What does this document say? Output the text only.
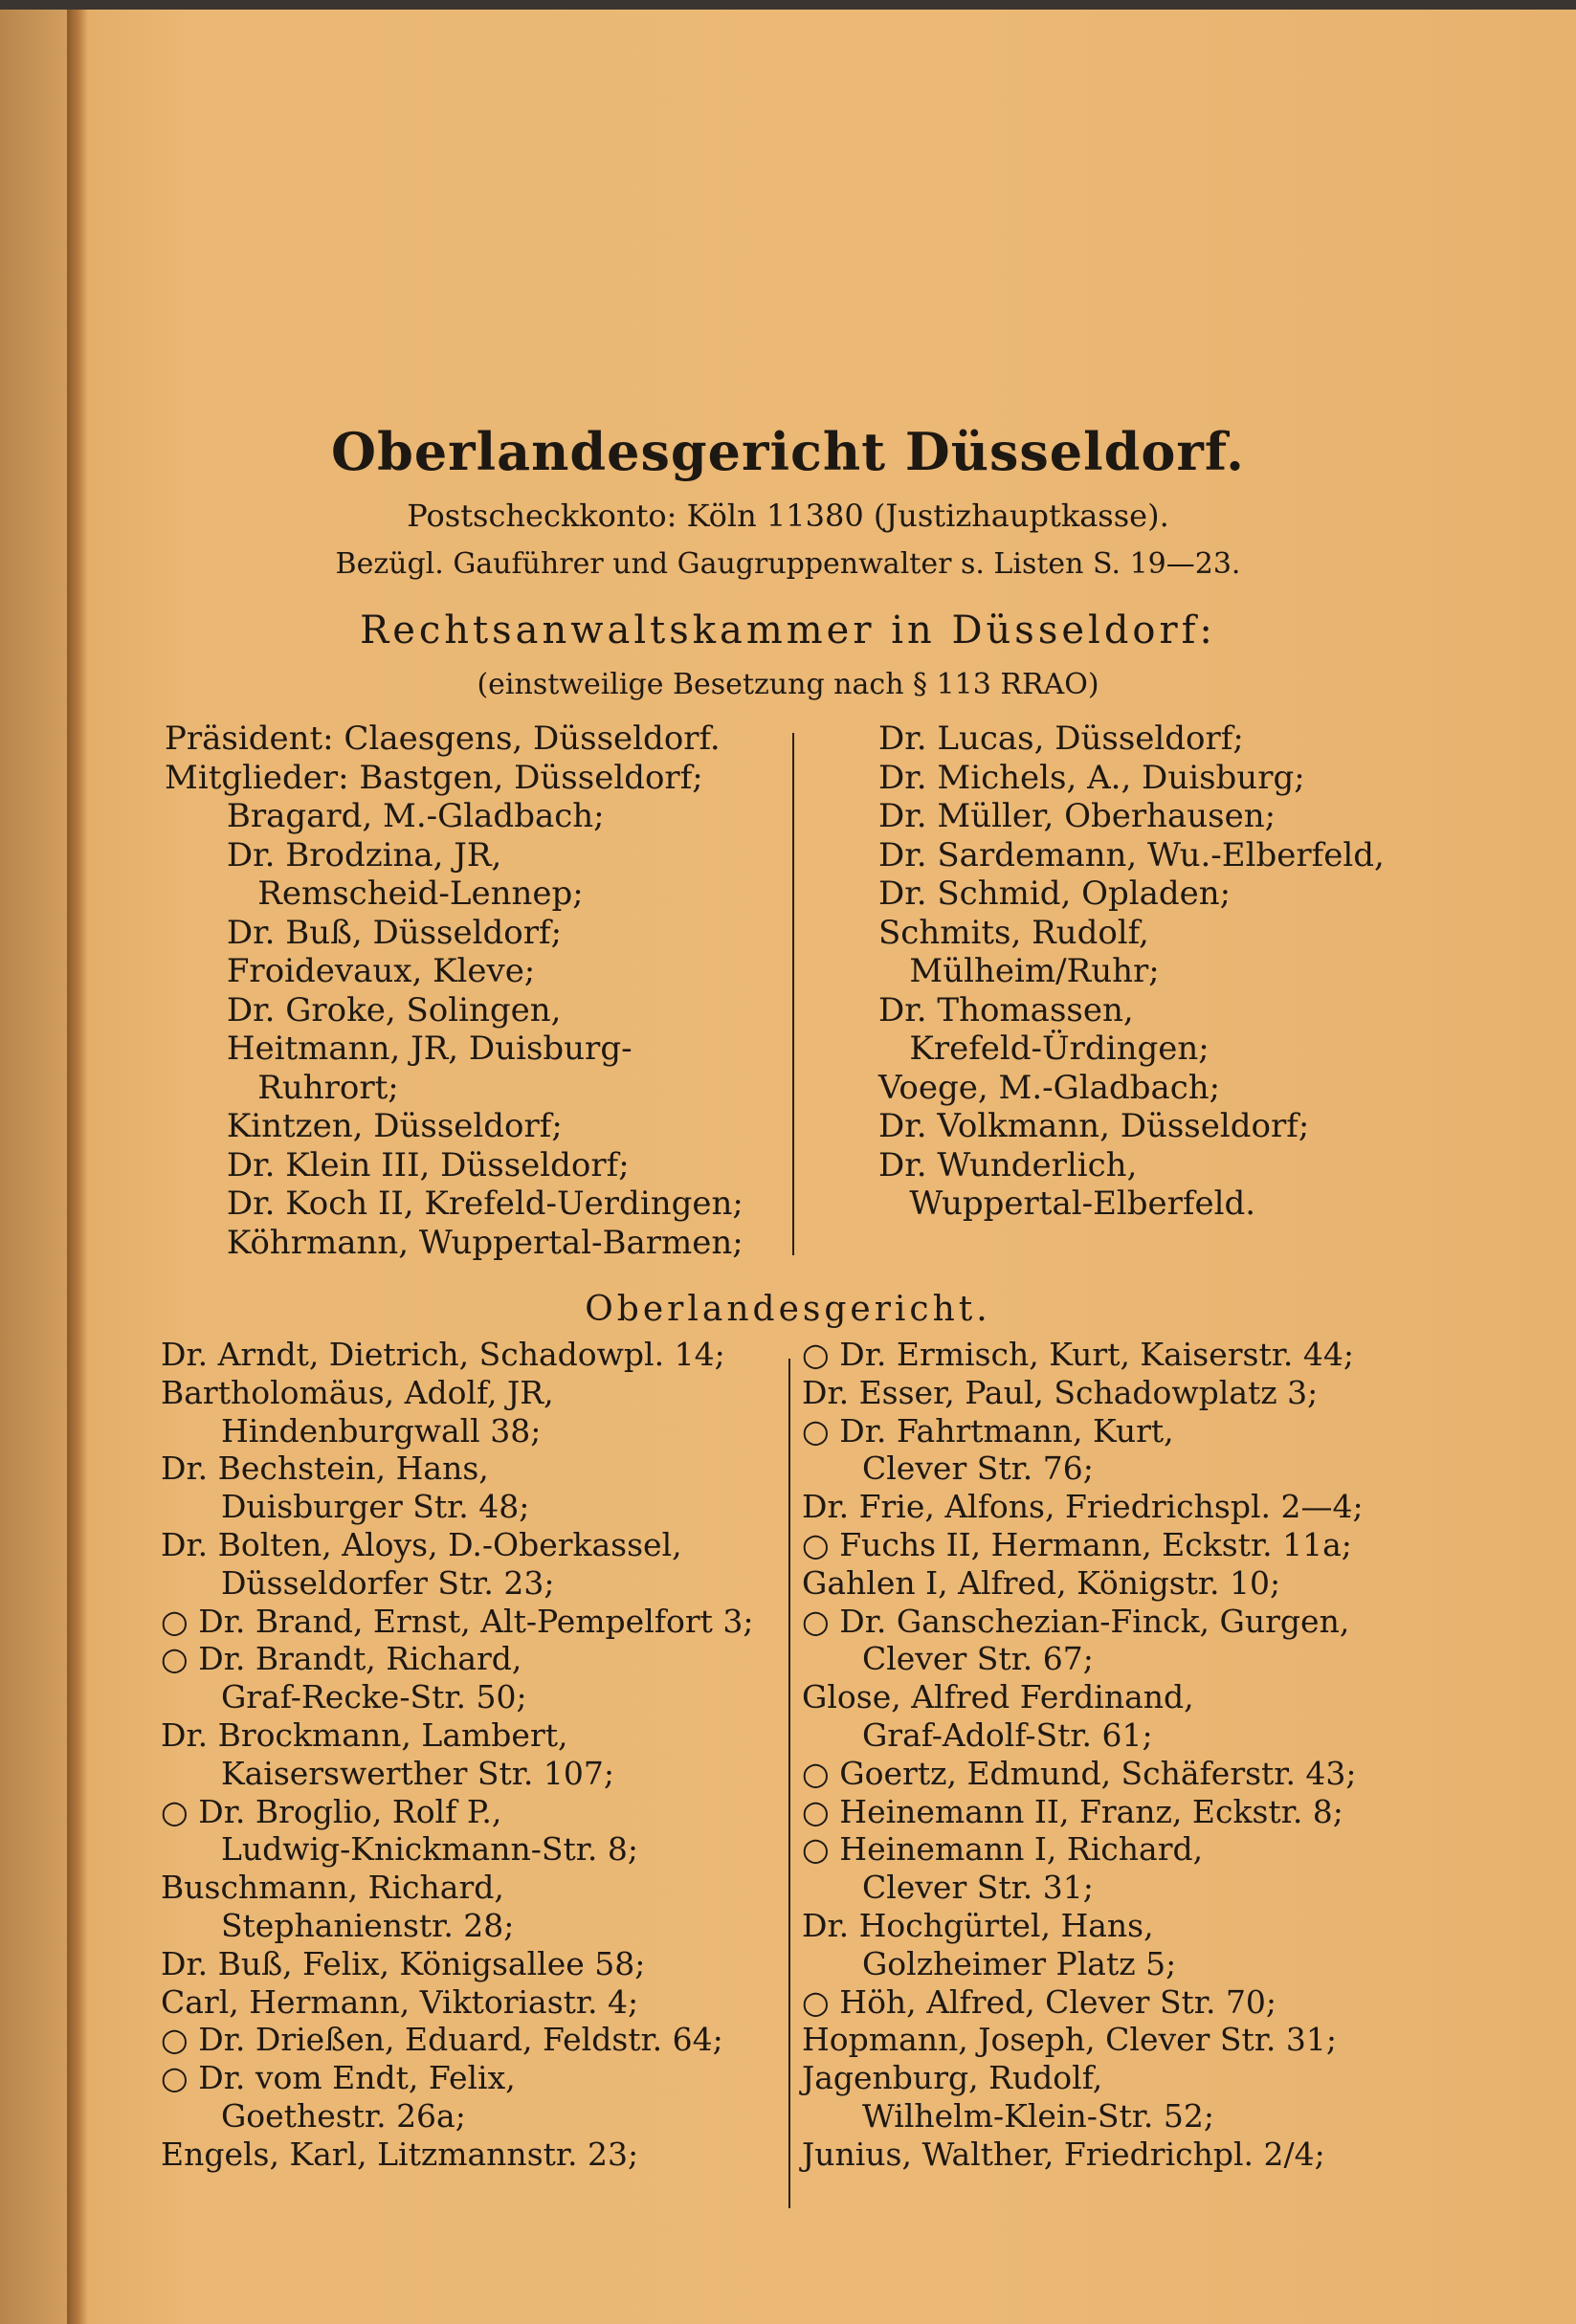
Oberlandesgericht Düsseldorf.
Postscheckkonto: Köln 11380 (Justizhauptkasse).
Bezügl. Gauführer und Gaugruppenwalter s. Listen S. 19—23.
Rechtsanwaltskammer in Düsseldorf:
(einstweilige Besetzung nach § 113 RRAO)
Präsident: Claesgens, Düsseldorf.
Mitglieder: Bastgen, Düsseldorf;
Bragard, M.-Gladbach;
Dr. Brodzina, JR,
Remscheid-Lennep;
Dr. Buß, Düsseldorf;
Froidevaux, Kleve;
Dr. Groke, Solingen,
Heitmann, JR, Duisburg-
Ruhrort;
Kintzen, Düsseldorf;
Dr. Klein III, Düsseldorf;
Dr. Koch II, Krefeld-Uerdingen;
Köhrmann, Wuppertal-Barmen;
Dr. Lucas, Düsseldorf;
Dr. Michels, A., Duisburg;
Dr. Müller, Oberhausen;
Dr. Sardemann, Wu.-Elberfeld,
Dr. Schmid, Opladen;
Schmits, Rudolf,
Mülheim/Ruhr;
Dr. Thomassen,
Krefeld-Ürdingen;
Voege, M.-Gladbach;
Dr. Volkmann, Düsseldorf;
Dr. Wunderlich,
Wuppertal-Elberfeld.
Oberlandesgericht.
Dr. Arndt, Dietrich, Schadowpl. 14;
Bartholomäus, Adolf, JR,
Hindenburgwall 38;
Dr. Bechstein, Hans,
Duisburger Str. 48;
Dr. Bolten, Aloys, D.-Oberkassel,
Düsseldorfer Str. 23;
○ Dr. Brand, Ernst, Alt-Pempelfort 3;
○ Dr. Brandt, Richard,
Graf-Recke-Str. 50;
Dr. Brockmann, Lambert,
Kaiserswerther Str. 107;
○ Dr. Broglio, Rolf P.,
Ludwig-Knickmann-Str. 8;
Buschmann, Richard,
Stephanienstr. 28;
Dr. Buß, Felix, Königsallee 58;
Carl, Hermann, Viktoriastr. 4;
○ Dr. Drießen, Eduard, Feldstr. 64;
○ Dr. vom Endt, Felix,
Goethestr. 26a;
Engels, Karl, Litzmannstr. 23;
○ Dr. Ermisch, Kurt, Kaiserstr. 44;
Dr. Esser, Paul, Schadowplatz 3;
○ Dr. Fahrtmann, Kurt,
Clever Str. 76;
Dr. Frie, Alfons, Friedrichspl. 2—4;
○ Fuchs II, Hermann, Eckstr. 11a;
Gahlen I, Alfred, Königstr. 10;
○ Dr. Ganschezian-Finck, Gurgen,
Clever Str. 67;
Glose, Alfred Ferdinand,
Graf-Adolf-Str. 61;
○ Goertz, Edmund, Schäferstr. 43;
○ Heinemann II, Franz, Eckstr. 8;
○ Heinemann I, Richard,
Clever Str. 31;
Dr. Hochgürtel, Hans,
Golzheimer Platz 5;
○ Höh, Alfred, Clever Str. 70;
Hopmann, Joseph, Clever Str. 31;
Jagenburg, Rudolf,
Wilhelm-Klein-Str. 52;
Junius, Walther, Friedrichpl. 2/4;
